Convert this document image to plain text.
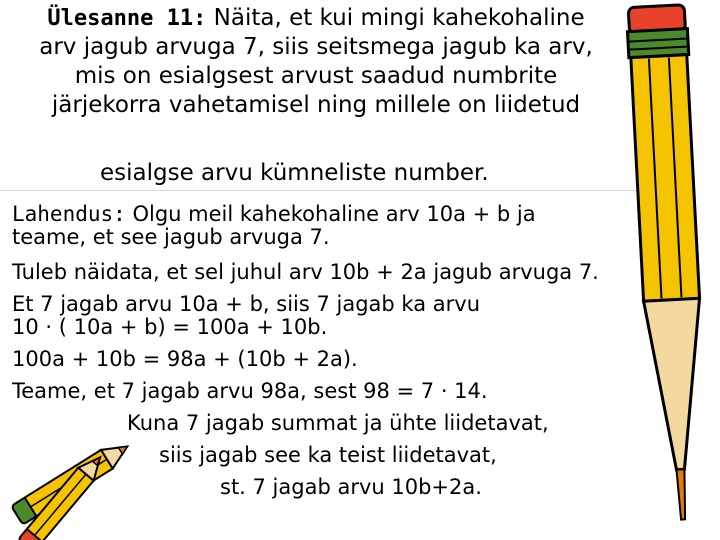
Ülesanne 11: Näita, et kui mingi kahekohaline
arv jagub arvuga 7, siis seitsmega jagub ka arv,
mis on esialgsest arvust saadud numbrite
järjekorra vahetamisel ning millele on liidetud
esialgse arvu kümneliste number.
Lahendus: Olgu meil kahekohaline arv 10a + b ja
teame, et see jagub arvuga 7.
Tuleb näidata, et sel juhul arv 10b + 2a jagub arvuga 7.
Et 7 jagab arvu 10a + b, siis 7 jagab ka arvu
10 · ( 10a + b) = 100a + 10b.
100a + 10b = 98a + (10b + 2a).
Teame, et 7 jagab arvu 98a, sest 98 = 7 · 14.
Kuna 7 jagab summat ja ühte liidetavat,
siis jagab see ka teist liidetavat,
st. 7 jagab arvu 10b+2a.
